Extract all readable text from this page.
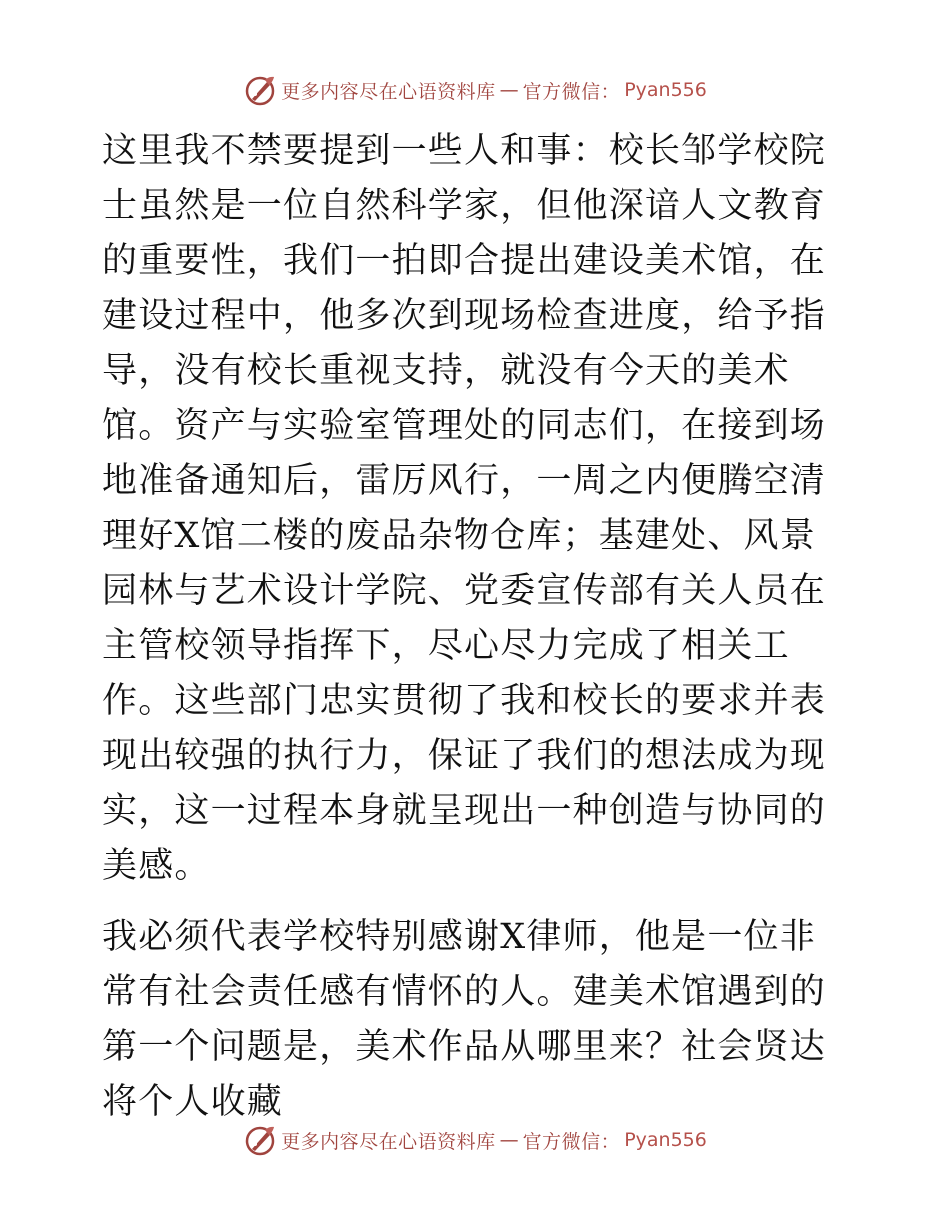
更多内容尽在心语资料库 — 官方微信： Pyan556

这里我不禁要提到一些人和事：校长邹学校院士虽然是一位自然科学家，但他深谙人文教育的重要性，我们一拍即合提出建设美术馆，在建设过程中，他多次到现场检查进度，给予指导，没有校长重视支持，就没有今天的美术馆。资产与实验室管理处的同志们，在接到场地准备通知后，雷厉风行，一周之内便腾空清理好X馆二楼的废品杂物仓库；基建处、风景园林与艺术设计学院、党委宣传部有关人员在主管校领导指挥下，尽心尽力完成了相关工作。这些部门忠实贯彻了我和校长的要求并表现出较强的执行力，保证了我们的想法成为现实，这一过程本身就呈现出一种创造与协同的美感。

我必须代表学校特别感谢X律师，他是一位非常有社会责任感有情怀的人。建美术馆遇到的第一个问题是，美术作品从哪里来？社会贤达将个人收藏

更多内容尽在心语资料库 — 官方微信： Pyan556
